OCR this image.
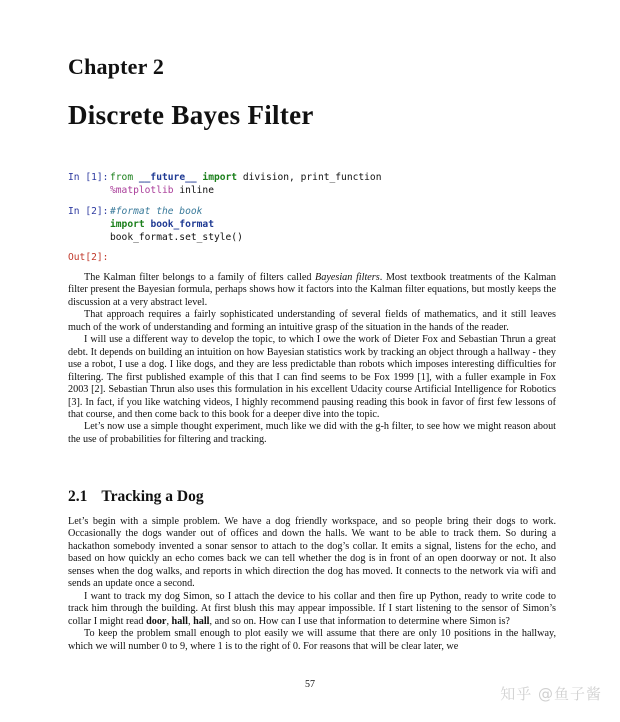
Chapter 2
Discrete Bayes Filter
In [1]: from __future__ import division, print_function
%matplotlib inline
In [2]: #format the book
import book_format
book_format.set_style()
Out[2]:

The Kalman filter belongs to a family of filters called Bayesian filters. Most textbook treatments of the Kalman filter present the Bayesian formula, perhaps shows how it factors into the Kalman filter equations, but mostly keeps the discussion at a very abstract level.

That approach requires a fairly sophisticated understanding of several fields of mathematics, and it still leaves much of the work of understanding and forming an intuitive grasp of the situation in the hands of the reader.

I will use a different way to develop the topic, to which I owe the work of Dieter Fox and Sebastian Thrun a great debt. It depends on building an intuition on how Bayesian statistics work by tracking an object through a hallway - they use a robot, I use a dog. I like dogs, and they are less predictable than robots which imposes interesting difficulties for filtering. The first published example of this that I can find seems to be Fox 1999 [1], with a fuller example in Fox 2003 [2]. Sebastian Thrun also uses this formulation in his excellent Udacity course Artificial Intelligence for Robotics [3]. In fact, if you like watching videos, I highly recommend pausing reading this book in favor of first few lessons of that course, and then come back to this book for a deeper dive into the topic.

Let’s now use a simple thought experiment, much like we did with the g-h filter, to see how we might reason about the use of probabilities for filtering and tracking.

2.1 Tracking a Dog

Let’s begin with a simple problem. We have a dog friendly workspace, and so people bring their dogs to work. Occasionally the dogs wander out of offices and down the halls. We want to be able to track them. So during a hackathon somebody invented a sonar sensor to attach to the dog’s collar. It emits a signal, listens for the echo, and based on how quickly an echo comes back we can tell whether the dog is in front of an open doorway or not. It also senses when the dog walks, and reports in which direction the dog has moved. It connects to the network via wifi and sends an update once a second.

I want to track my dog Simon, so I attach the device to his collar and then fire up Python, ready to write code to track him through the building. At first blush this may appear impossible. If I start listening to the sensor of Simon’s collar I might read door, hall, hall, and so on. How can I use that information to determine where Simon is?

To keep the problem small enough to plot easily we will assume that there are only 10 positions in the hallway, which we will number 0 to 9, where 1 is to the right of 0. For reasons that will be clear later, we

57
知乎 @鱼子酱
